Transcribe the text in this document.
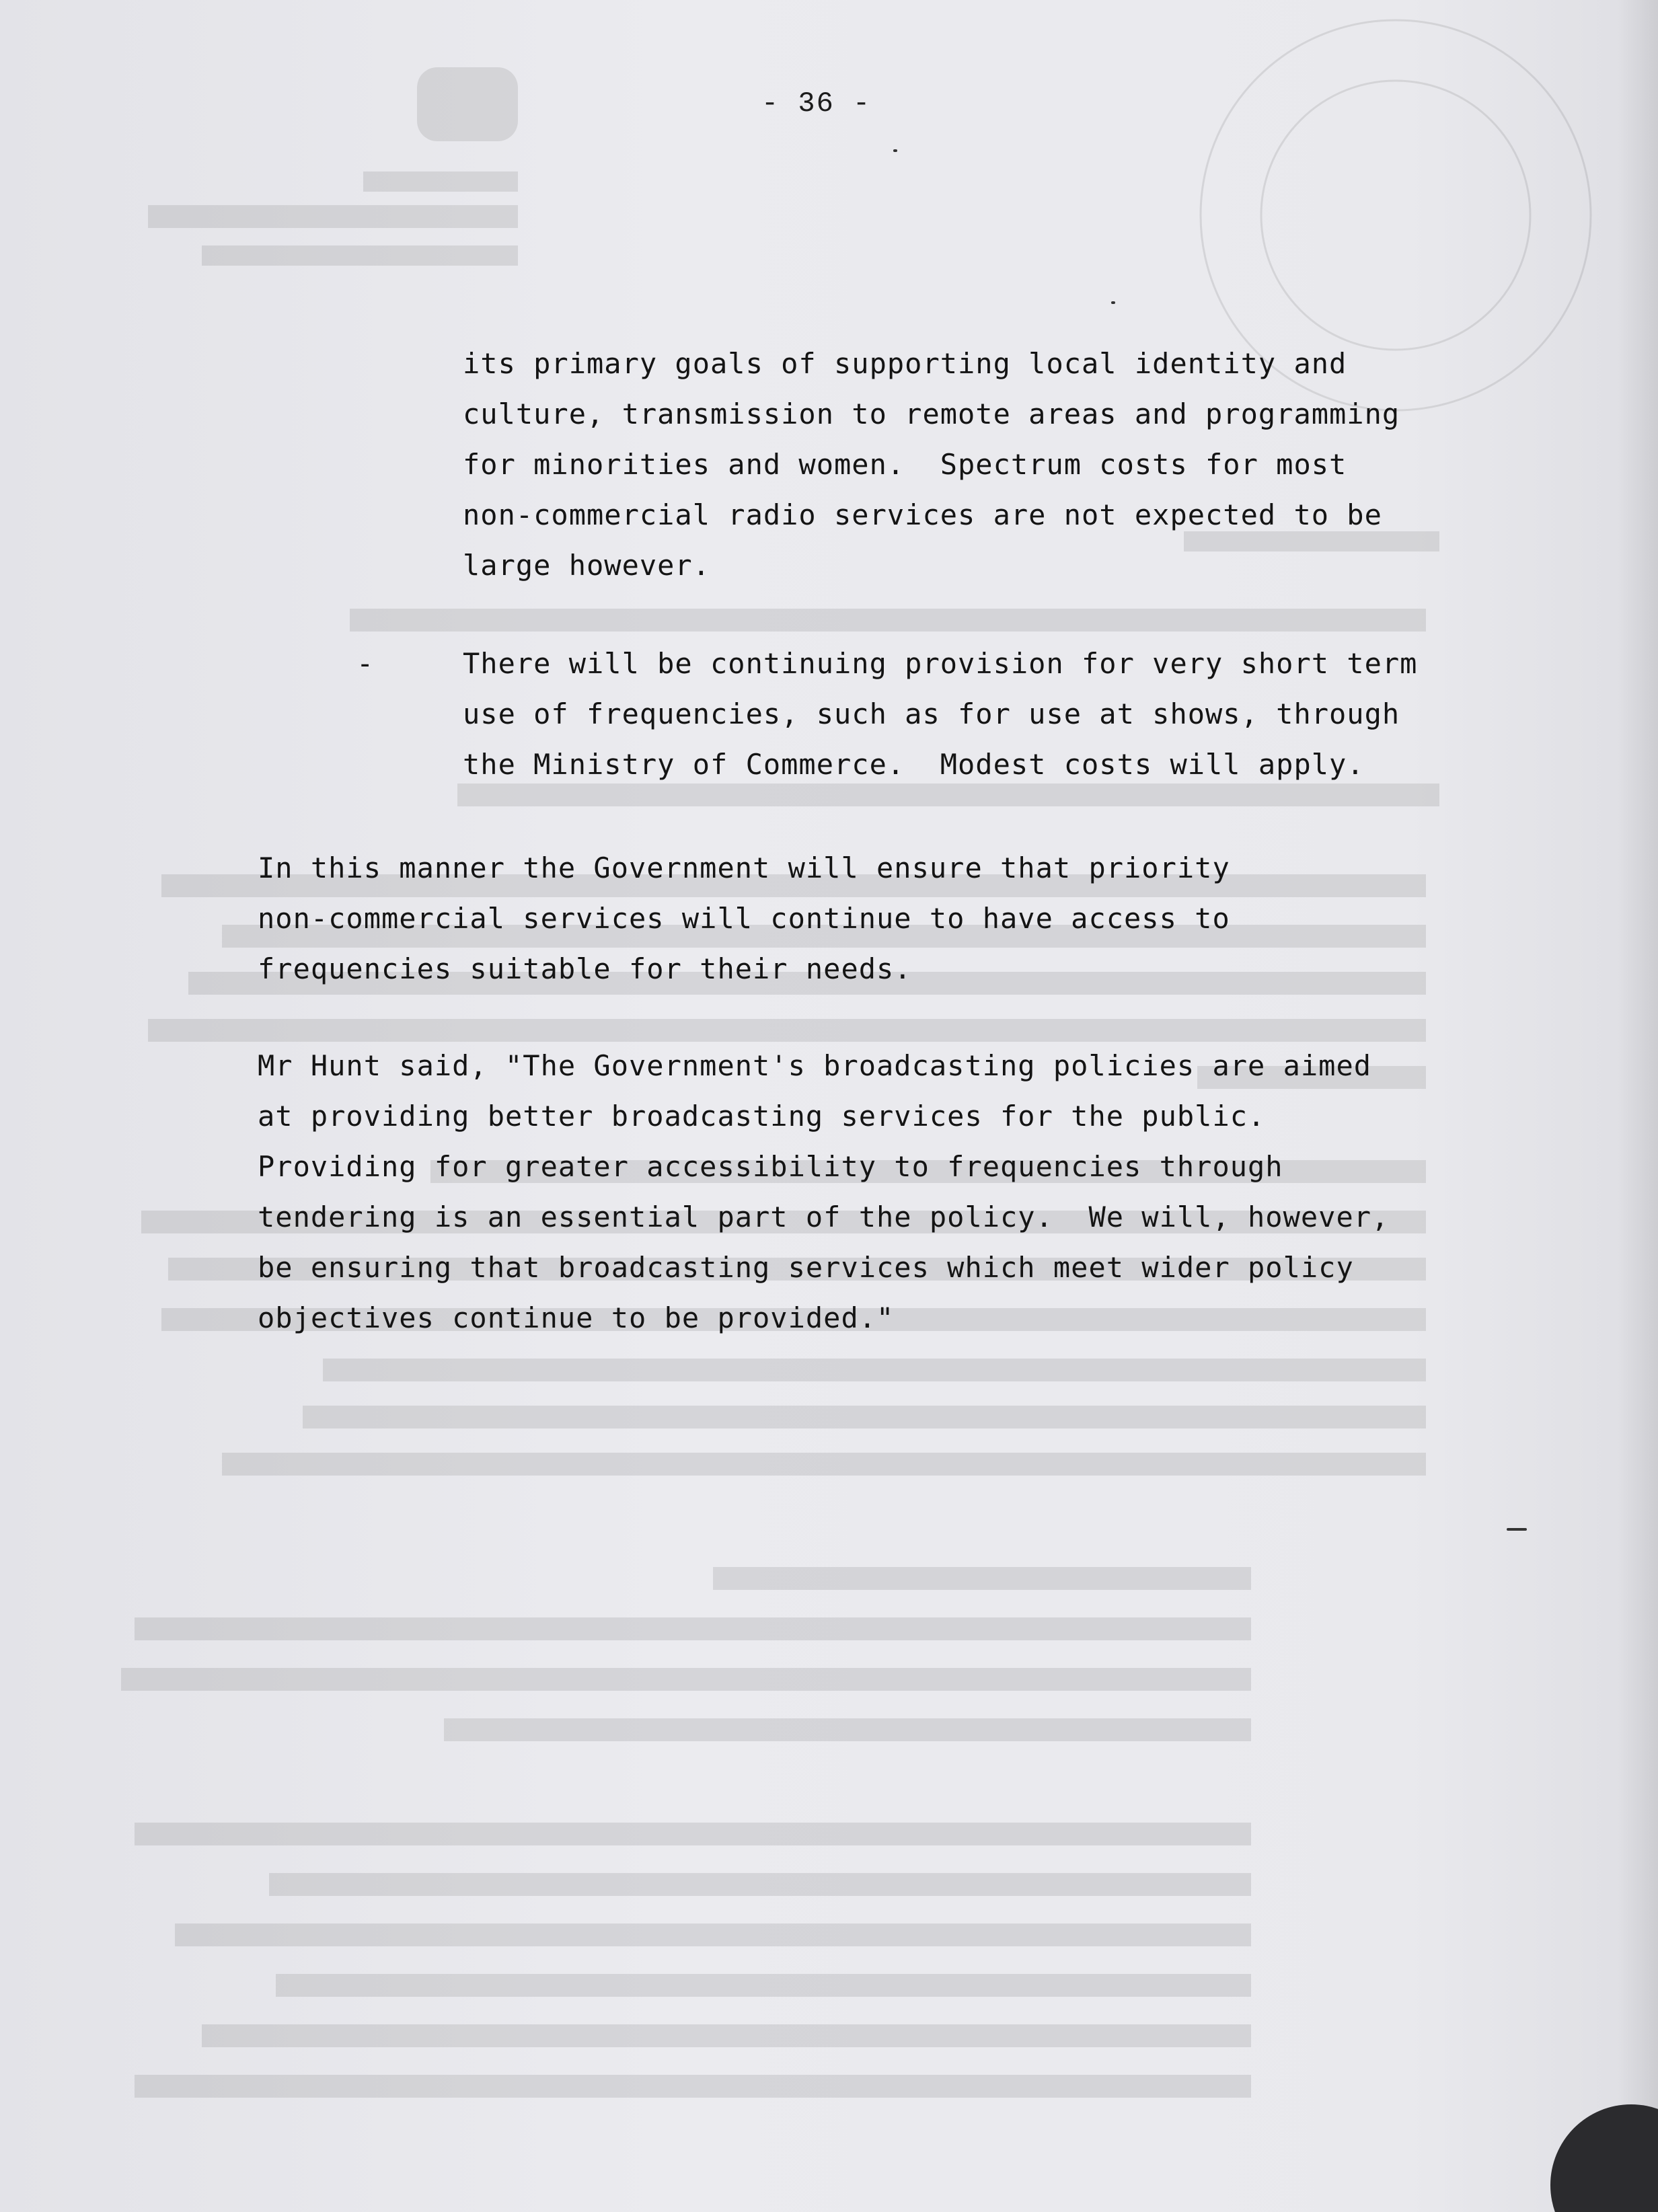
- 36 -

its primary goals of supporting local identity and
culture, transmission to remote areas and programming
for minorities and women.  Spectrum costs for most
non-commercial radio services are not expected to be
large however.

-	There will be continuing provision for very short term
use of frequencies, such as for use at shows, through
the Ministry of Commerce.  Modest costs will apply.

In this manner the Government will ensure that priority
non-commercial services will continue to have access to
frequencies suitable for their needs.

Mr Hunt said, "The Government's broadcasting policies are aimed
at providing better broadcasting services for the public.
Providing for greater accessibility to frequencies through
tendering is an essential part of the policy.  We will, however,
be ensuring that broadcasting services which meet wider policy
objectives continue to be provided."
